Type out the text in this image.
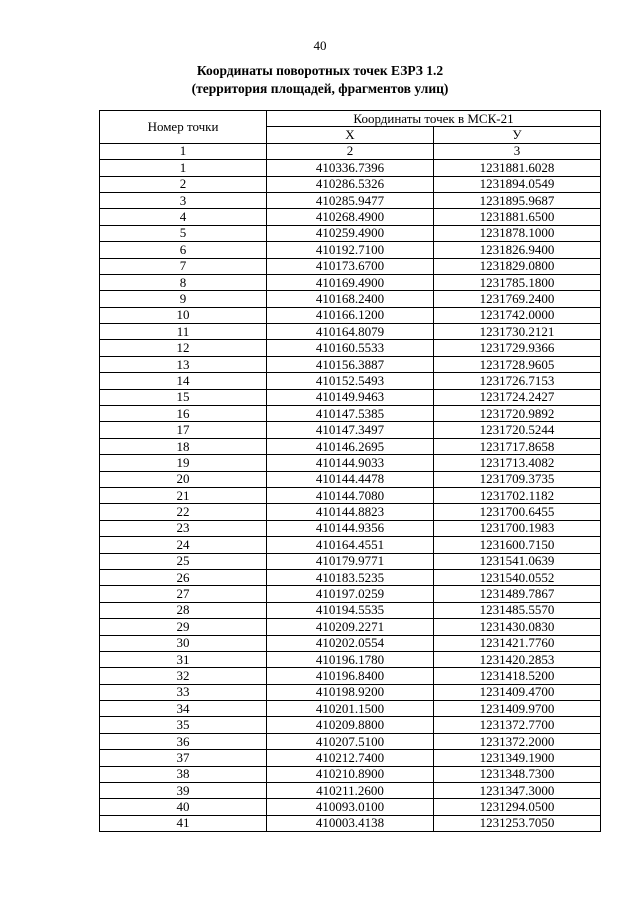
40
Координаты поворотных точек ЕЗРЗ 1.2
(территория площадей, фрагментов улиц)
Номер точки	Координаты точек в МСК-21	
	X	У
1	2	3
1	410336.7396	1231881.6028
2	410286.5326	1231894.0549
3	410285.9477	1231895.9687
4	410268.4900	1231881.6500
5	410259.4900	1231878.1000
6	410192.7100	1231826.9400
7	410173.6700	1231829.0800
8	410169.4900	1231785.1800
9	410168.2400	1231769.2400
10	410166.1200	1231742.0000
11	410164.8079	1231730.2121
12	410160.5533	1231729.9366
13	410156.3887	1231728.9605
14	410152.5493	1231726.7153
15	410149.9463	1231724.2427
16	410147.5385	1231720.9892
17	410147.3497	1231720.5244
18	410146.2695	1231717.8658
19	410144.9033	1231713.4082
20	410144.4478	1231709.3735
21	410144.7080	1231702.1182
22	410144.8823	1231700.6455
23	410144.9356	1231700.1983
24	410164.4551	1231600.7150
25	410179.9771	1231541.0639
26	410183.5235	1231540.0552
27	410197.0259	1231489.7867
28	410194.5535	1231485.5570
29	410209.2271	1231430.0830
30	410202.0554	1231421.7760
31	410196.1780	1231420.2853
32	410196.8400	1231418.5200
33	410198.9200	1231409.4700
34	410201.1500	1231409.9700
35	410209.8800	1231372.7700
36	410207.5100	1231372.2000
37	410212.7400	1231349.1900
38	410210.8900	1231348.7300
39	410211.2600	1231347.3000
40	410093.0100	1231294.0500
41	410003.4138	1231253.7050
